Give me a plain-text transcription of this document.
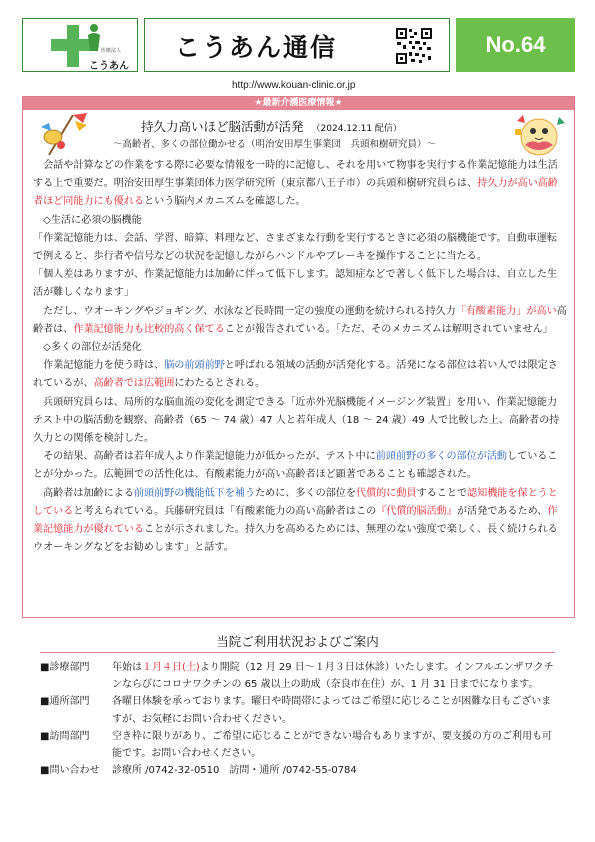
医療法人
こうあん
こうあん通信	No.64
http://www.kouan-clinic.or.jp
★最新介護医療情報★
持久力高いほど脳活動が活発 （2024.12.11 配信）
～高齢者、多くの部位働かせる（明治安田厚生事業団　兵頭和樹研究員）～

会話や計算などの作業をする際に必要な情報を一時的に記憶し、それを用いて物事を実行する作業記憶能力は生活する上で重要だ。明治安田厚生事業団体力医学研究所（東京都八王子市）の兵頭和樹研究員らは、持久力が高い高齢者ほど同能力にも優れるという脳内メカニズムを確認した。

◇生活に必須の脳機能

「作業記憶能力は、会話、学習、暗算、料理など、さまざまな行動を実行するときに必須の脳機能です。自動車運転で例えると、歩行者や信号などの状況を記憶しながらハンドルやブレーキを操作することに当たる。

「個人差はありますが、作業記憶能力は加齢に伴って低下します。認知症などで著しく低下した場合は、自立した生活が難しくなります」

ただし、ウオーキングやジョギング、水泳など長時間一定の強度の運動を続けられる持久力「有酸素能力」が高い高齢者は、作業記憶能力も比較的高く保てることが報告されている。「ただ、そのメカニズムは解明されていません」

◇多くの部位が活発化

作業記憶能力を使う時は、脳の前頭前野と呼ばれる領域の活動が活発化する。活発になる部位は若い人では限定されているが、高齢者では広範囲にわたるとされる。

兵頭研究員らは、局所的な脳血流の変化を測定できる「近赤外光脳機能イメージング装置」を用い、作業記憶能力テスト中の脳活動を観察、高齢者（65 ～ 74 歳）47 人と若年成人（18 ～ 24 歳）49 人で比較した上、高齢者の持久力との関係を検討した。

その結果、高齢者は若年成人より作業記憶能力が低かったが、テスト中に前頭前野の多くの部位が活動していることが分かった。広範囲での活性化は、有酸素能力が高い高齢者ほど顕著であることも確認された。

高齢者は加齢による前頭前野の機能低下を補うために、多くの部位を代償的に動員することで認知機能を保とうとしていると考えられている。兵藤研究員は「有酸素能力の高い高齢者はこの『代償的脳活動』が活発であるため、作業記憶能力が優れていることが示されました。持久力を高めるためには、無理のない強度で楽しく、長く続けられるウオーキングなどをお勧めします」と話す。

当院ご利用状況およびご案内
■診療部門	年始は１月４日(土)より開院（12 月 29 日～１月３日は休診）いたします。インフルエンザワクチンならびにコロナワクチンの 65 歳以上の助成（奈良市在住）が、1 月 31 日までになります。
■通所部門	各曜日体験を承っております。曜日や時間帯によってはご希望に応じることが困難な日もございますが、お気軽にお問い合わせください。
■訪問部門	空き枠に限りがあり、ご希望に応じることができない場合もありますが、要支援の方のご利用も可能です。お問い合わせください。
■問い合わせ	診療所 /0742-32-0510　訪問・通所 /0742-55-0784
